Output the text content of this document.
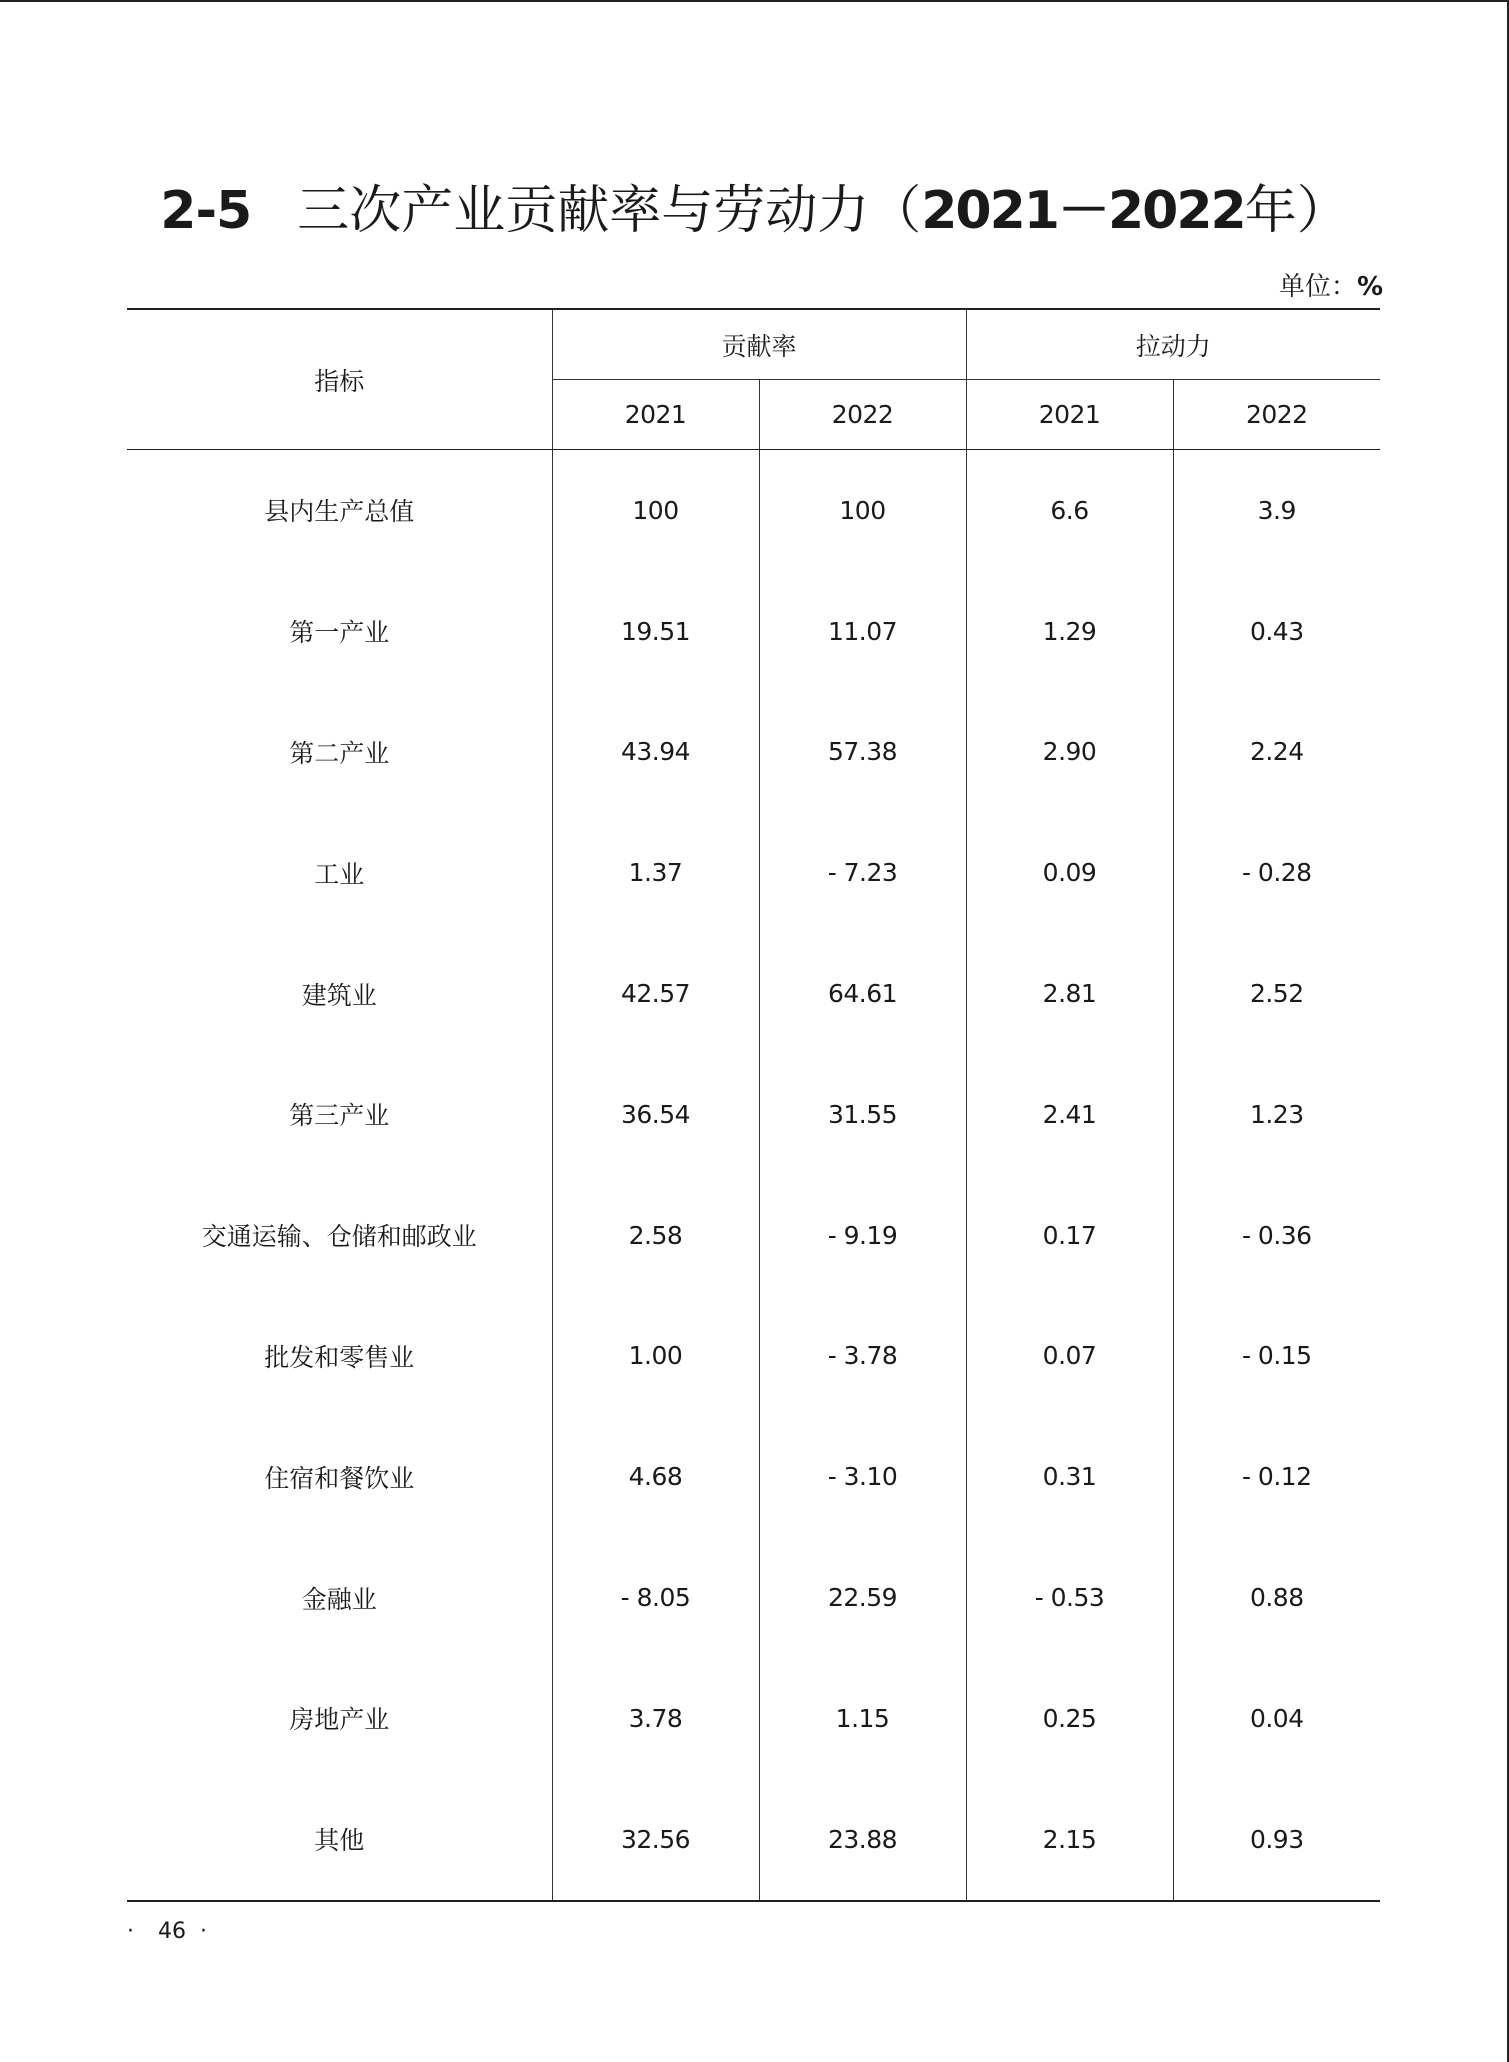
2-5 三次产业贡献率与劳动力（2021－2022年）
单位：%
指标	贡献率		拉动力	
	2021	2022	2021	2022
县内生产总值	100	100	6.6	3.9
第一产业	19.51	11.07	1.29	0.43
第二产业	43.94	57.38	2.90	2.24
工业	1.37	- 7.23	0.09	- 0.28
建筑业	42.57	64.61	2.81	2.52
第三产业	36.54	31.55	2.41	1.23
交通运输、仓储和邮政业	2.58	- 9.19	0.17	- 0.36
批发和零售业	1.00	- 3.78	0.07	- 0.15
住宿和餐饮业	4.68	- 3.10	0.31	- 0.12
金融业	- 8.05	22.59	- 0.53	0.88
房地产业	3.78	1.15	0.25	0.04
其他	32.56	23.88	2.15	0.93
· 46 ·
